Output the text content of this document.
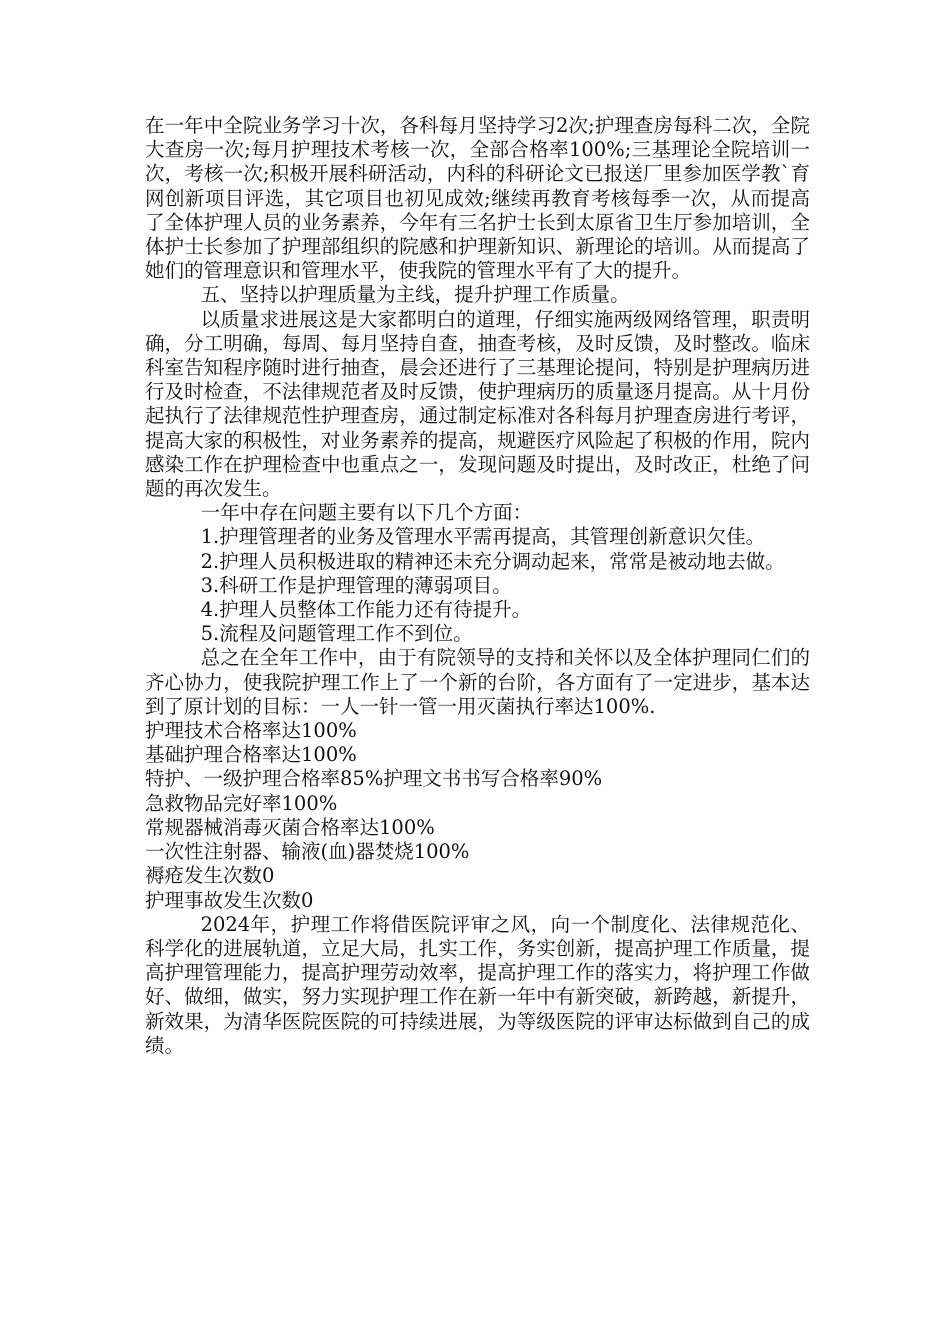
在一年中全院业务学习十次，各科每月坚持学习2次;护理查房每科二次，全院大查房一次;每月护理技术考核一次，全部合格率100%;三基理论全院培训一次，考核一次;积极开展科研活动，内科的科研论文已报送厂里参加医学教`育网创新项目评选，其它项目也初见成效;继续再教育考核每季一次，从而提高了全体护理人员的业务素养，今年有三名护士长到太原省卫生厅参加培训，全体护士长参加了护理部组织的院感和护理新知识、新理论的培训。从而提高了她们的管理意识和管理水平，使我院的管理水平有了大的提升。

五、坚持以护理质量为主线，提升护理工作质量。

以质量求进展这是大家都明白的道理，仔细实施两级网络管理，职责明确，分工明确，每周、每月坚持自查，抽查考核，及时反馈，及时整改。临床科室告知程序随时进行抽查，晨会还进行了三基理论提问，特别是护理病历进行及时检查，不法律规范者及时反馈，使护理病历的质量逐月提高。从十月份起执行了法律规范性护理查房，通过制定标准对各科每月护理查房进行考评，提高大家的积极性，对业务素养的提高，规避医疗风险起了积极的作用，院内感染工作在护理检查中也重点之一，发现问题及时提出，及时改正，杜绝了问题的再次发生。

一年中存在问题主要有以下几个方面：

1.护理管理者的业务及管理水平需再提高，其管理创新意识欠佳。

2.护理人员积极进取的精神还未充分调动起来，常常是被动地去做。

3.科研工作是护理管理的薄弱项目。

4.护理人员整体工作能力还有待提升。

5.流程及问题管理工作不到位。

总之在全年工作中，由于有院领导的支持和关怀以及全体护理同仁们的齐心协力，使我院护理工作上了一个新的台阶，各方面有了一定进步，基本达到了原计划的目标：一人一针一管一用灭菌执行率达100%.

护理技术合格率达100%

基础护理合格率达100%

特护、一级护理合格率85%护理文书书写合格率90%

急救物品完好率100%

常规器械消毒灭菌合格率达100%

一次性注射器、输液(血)器焚烧100%

褥疮发生次数0

护理事故发生次数0

2024年，护理工作将借医院评审之风，向一个制度化、法律规范化、科学化的进展轨道，立足大局，扎实工作，务实创新，提高护理工作质量，提高护理管理能力，提高护理劳动效率，提高护理工作的落实力，将护理工作做好、做细，做实，努力实现护理工作在新一年中有新突破，新跨越，新提升，新效果，为清华医院医院的可持续进展，为等级医院的评审达标做到自己的成绩。
